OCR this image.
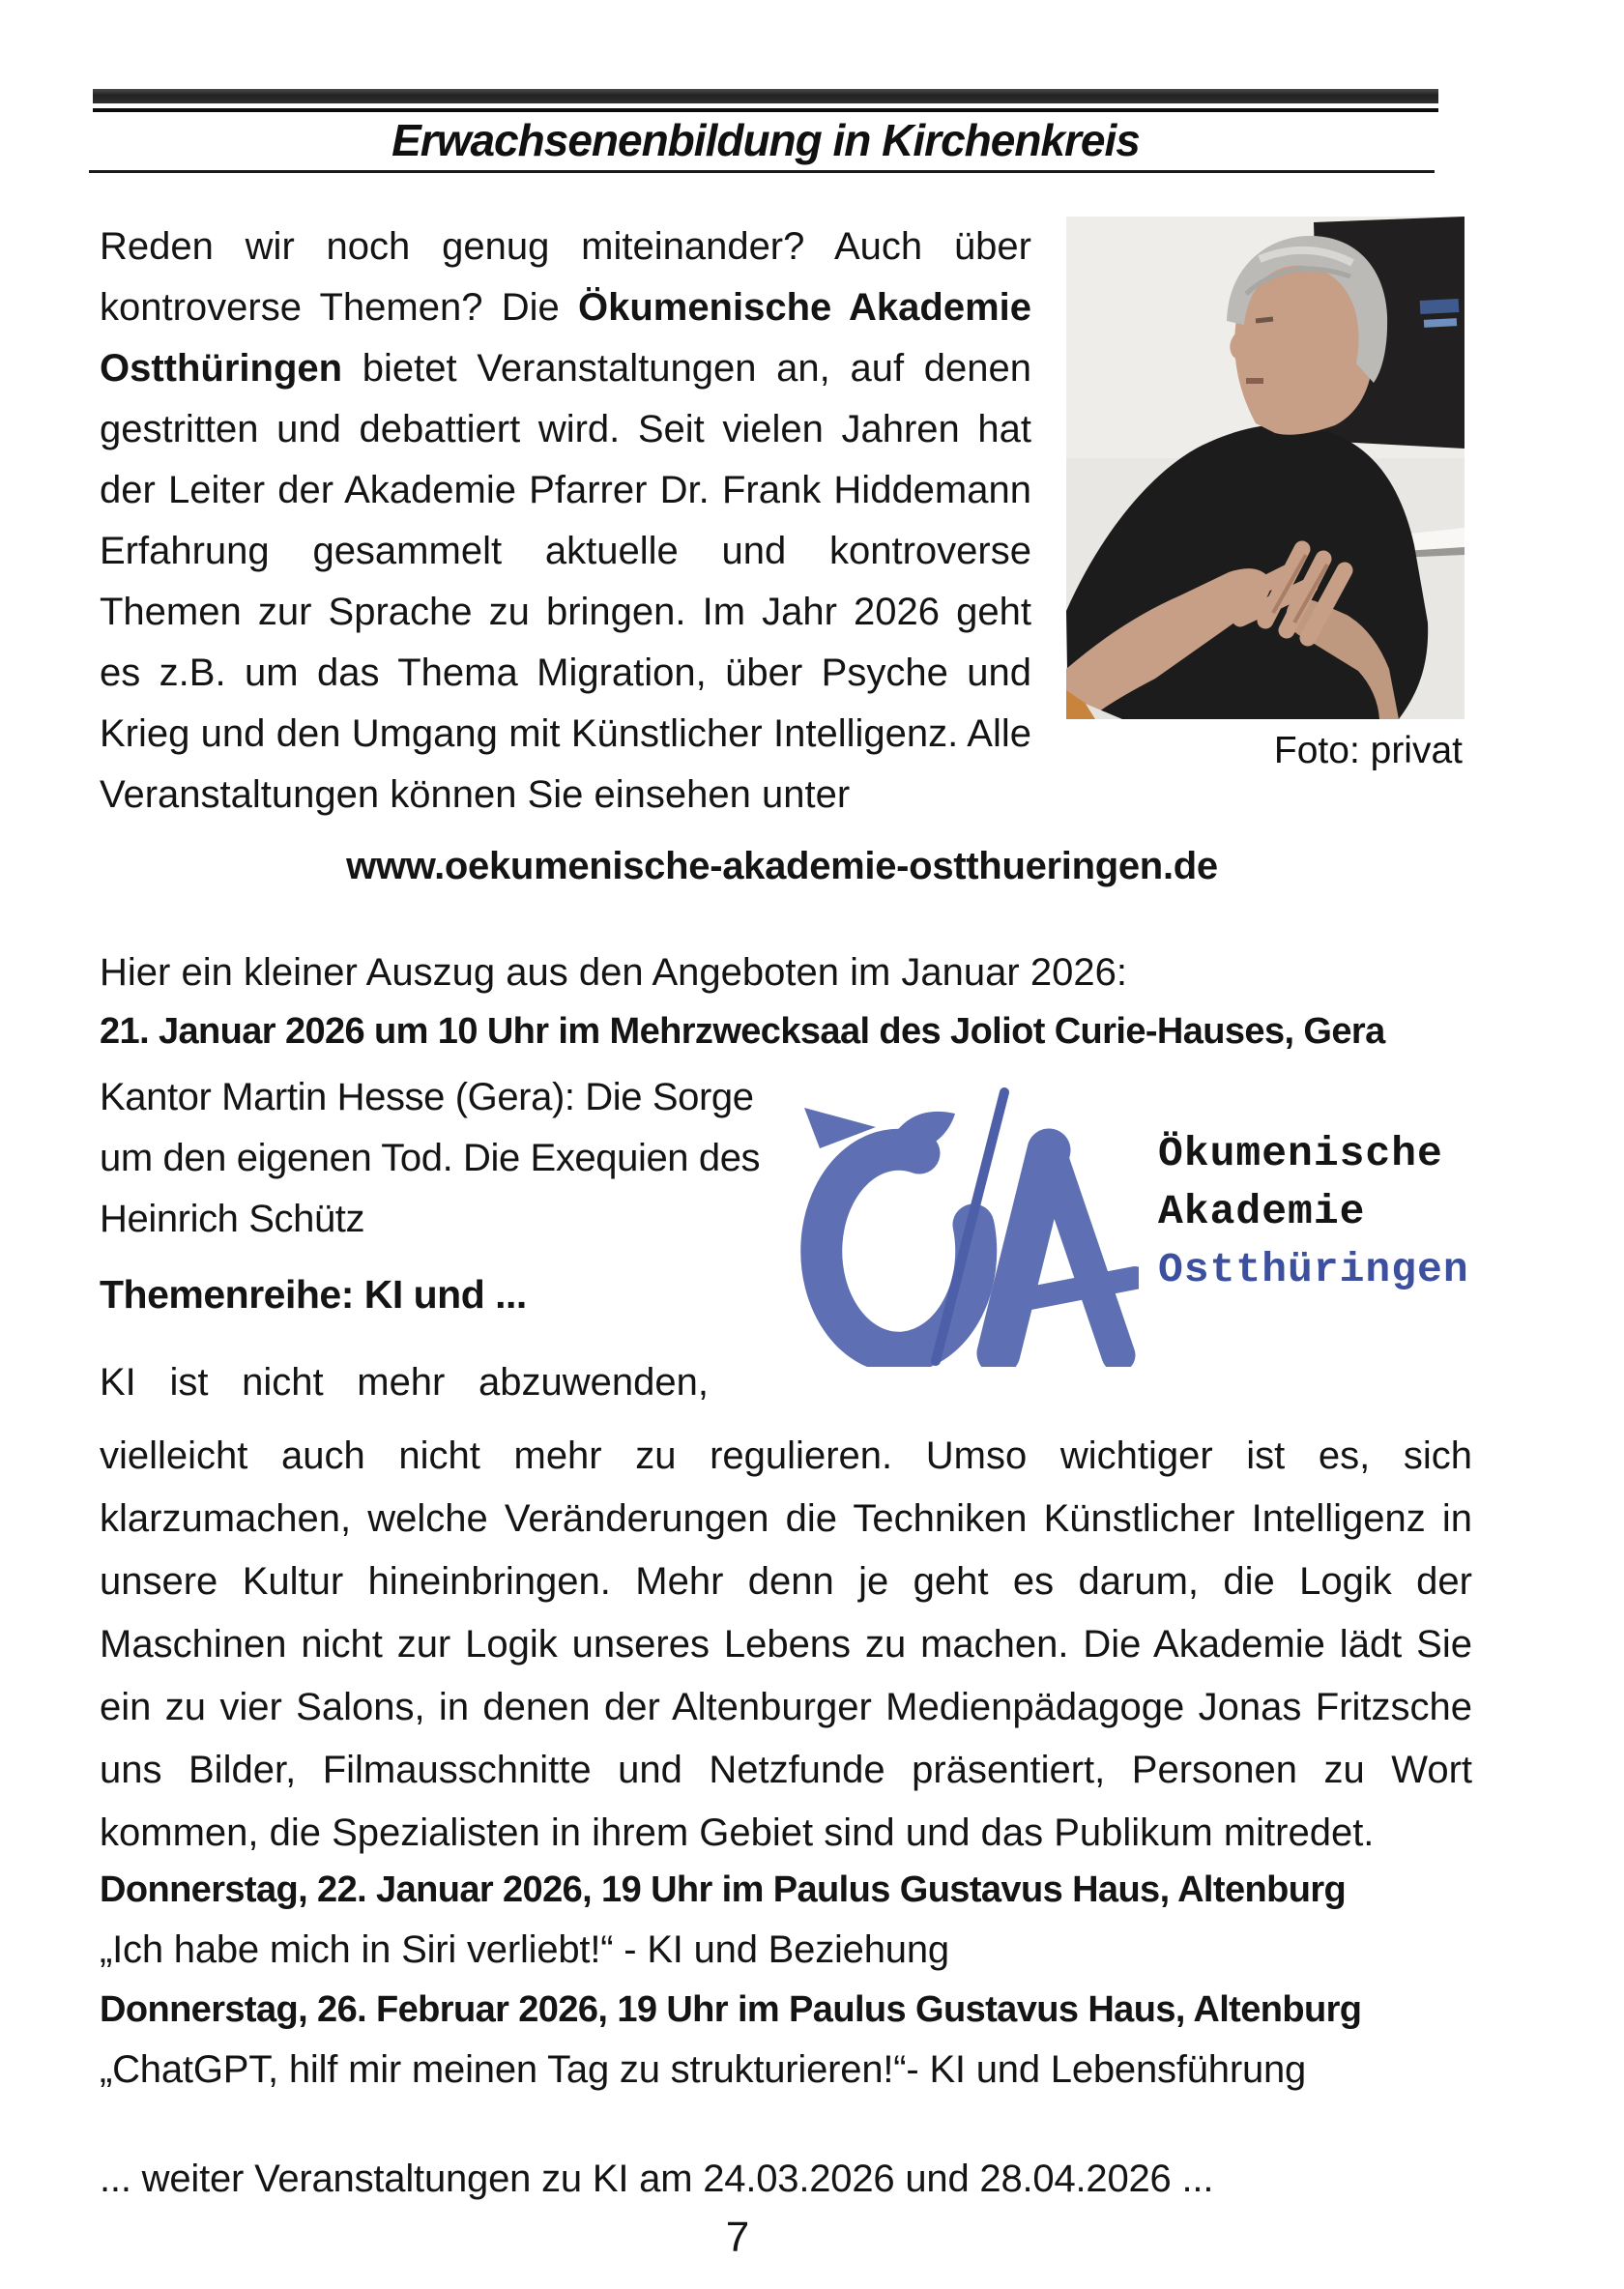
Erwachsenenbildung in Kirchenkreis
Foto: privat
Reden wir noch genug miteinander? Auch über kontroverse Themen? Die Ökumenische Akademie Ostthüringen bietet Veranstaltungen an, auf denen gestritten und debattiert wird. Seit vielen Jahren hat der Leiter der Akademie Pfarrer Dr. Frank Hiddemann Erfahrung gesammelt aktuelle und kontroverse Themen zur Sprache zu bringen. Im Jahr 2026 geht es z.B. um das Thema Migration, über Psyche und Krieg und den Umgang mit Künstlicher Intelligenz. Alle Veranstaltungen können Sie einsehen unter
www.oekumenische-akademie-ostthueringen.de
Hier ein kleiner Auszug aus den Angeboten im Januar 2026:
21. Januar 2026 um 10 Uhr im Mehrzwecksaal des Joliot Curie-Hauses, Gera
Kantor Martin Hesse (Gera): Die Sorge
um den eigenen Tod. Die Exequien des
Heinrich Schütz
Ökumenische
Akademie
Ostthüringen
Themenreihe: KI und ...
KI ist nicht mehr abzuwenden,
vielleicht auch nicht mehr zu regulieren. Umso wichtiger ist es, sich klarzumachen, welche Veränderungen die Techniken Künstlicher Intelligenz in unsere Kultur hineinbringen. Mehr denn je geht es darum, die Logik der Maschinen nicht zur Logik unseres Lebens zu machen. Die Akademie lädt Sie ein zu vier Salons, in denen der Altenburger Medienpädagoge Jonas Fritzsche uns Bilder, Filmausschnitte und Netzfunde präsentiert, Personen zu Wort kommen, die Spezialisten in ihrem Gebiet sind und das Publikum mitredet.
Donnerstag, 22. Januar 2026, 19 Uhr im Paulus Gustavus Haus, Altenburg
„Ich habe mich in Siri verliebt!“ - KI und Beziehung
Donnerstag, 26. Februar 2026, 19 Uhr im Paulus Gustavus Haus, Altenburg
„ChatGPT, hilf mir meinen Tag zu strukturieren!“- KI und Lebensführung
... weiter Veranstaltungen zu KI am 24.03.2026 und 28.04.2026 ...
7
